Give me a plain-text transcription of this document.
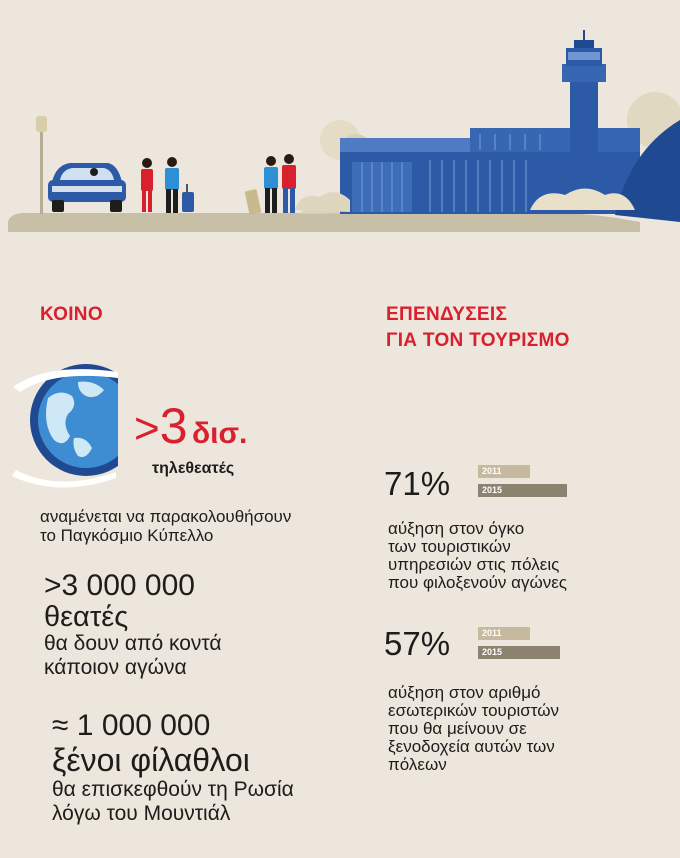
ΚΟΙΝΟ
>3 δισ.
τηλεθεατές
αναμένεται να παρακολουθήσουν
το Παγκόσμιο Κύπελλο
>3 000 000
θεατές
θα δουν από κοντά
κάποιον αγώνα
≈ 1 000 000
ξένοι φίλαθλοι
θα επισκεφθούν τη Ρωσία
λόγω του Μουντιάλ
ΕΠΕΝΔΥΣΕΙΣ
ΓΙΑ ΤΟΝ ΤΟΥΡΙΣΜΟ
71%	2011
2015
αύξηση στον όγκο
των τουριστικών
υπηρεσιών στις πόλεις
που φιλοξενούν αγώνες
57%	2011
2015
αύξηση στον αριθμό
εσωτερικών τουριστών
που θα μείνουν σε
ξενοδοχεία αυτών των
πόλεων
